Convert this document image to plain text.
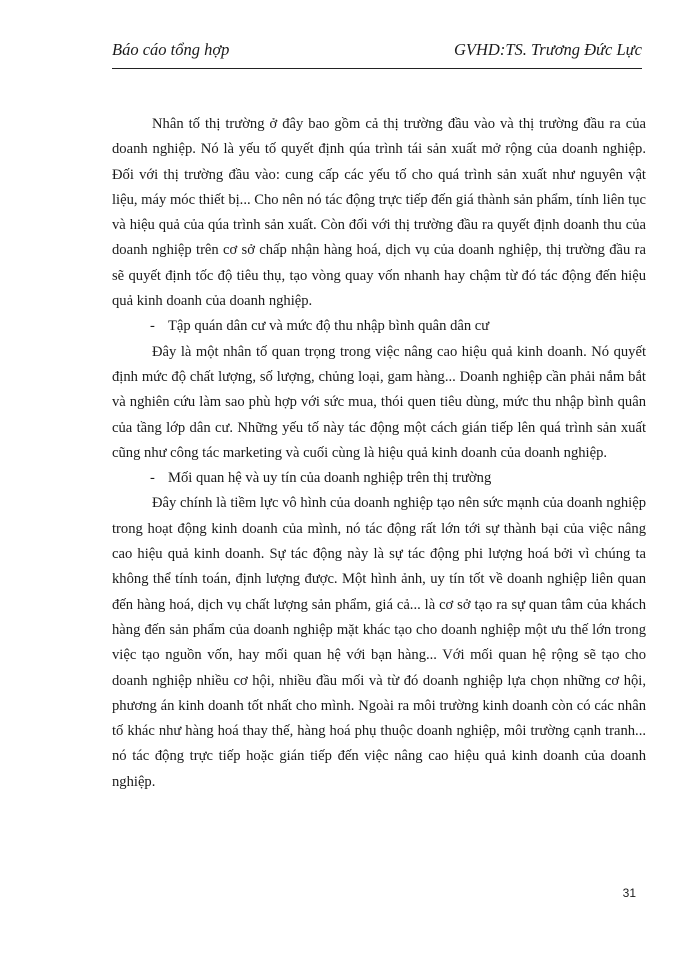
Báo cáo tổng hợp	GVHD:TS. Trương Đức Lực

Nhân tố thị trường ở đây bao gồm cả thị trường đầu vào và thị trường đầu ra của doanh nghiệp. Nó là yếu tố quyết định qúa trình tái sản xuất mở rộng của doanh nghiệp. Đối với thị trường đầu vào: cung cấp các yếu tố cho quá trình sản xuất như nguyên vật liệu, máy móc thiết bị... Cho nên nó tác động trực tiếp đến giá thành sản phẩm, tính liên tục và hiệu quả của qúa trình sản xuất. Còn đối với thị trường đầu ra quyết định doanh thu của doanh nghiệp trên cơ sở chấp nhận hàng hoá, dịch vụ của doanh nghiệp, thị trường đầu ra sẽ quyết định tốc độ tiêu thụ, tạo vòng quay vốn nhanh hay chậm từ đó tác động đến hiệu quả kinh doanh của doanh nghiệp.

- Tập quán dân cư và mức độ thu nhập bình quân dân cư

Đây là một nhân tố quan trọng trong việc nâng cao hiệu quả kinh doanh. Nó quyết định mức độ chất lượng, số lượng, chủng loại, gam hàng... Doanh nghiệp cần phải nắm bắt và nghiên cứu làm sao phù hợp với sức mua, thói quen tiêu dùng, mức thu nhập bình quân của tầng lớp dân cư. Những yếu tố này tác động một cách gián tiếp lên quá trình sản xuất cũng như công tác marketing và cuối cùng là hiệu quả kinh doanh của doanh nghiệp.

- Mối quan hệ và uy tín của doanh nghiệp trên thị trường

Đây chính là tiềm lực vô hình của doanh nghiệp tạo nên sức mạnh của doanh nghiệp trong hoạt động kinh doanh của mình, nó tác động rất lớn tới sự thành bại của việc nâng cao hiệu quả kinh doanh. Sự tác động này là sự tác động phi lượng hoá bởi vì chúng ta không thể tính toán, định lượng được. Một hình ảnh, uy tín tốt về doanh nghiệp liên quan đến hàng hoá, dịch vụ chất lượng sản phẩm, giá cả... là cơ sở tạo ra sự quan tâm của khách hàng đến sản phẩm của doanh nghiệp mặt khác tạo cho doanh nghiệp một ưu thế lớn trong việc tạo nguồn vốn, hay mối quan hệ với bạn hàng... Với mối quan hệ rộng sẽ tạo cho doanh nghiệp nhiều cơ hội, nhiều đầu mối và từ đó doanh nghiệp lựa chọn những cơ hội, phương án kinh doanh tốt nhất cho mình. Ngoài ra môi trường kinh doanh còn có các nhân tố khác như hàng hoá thay thế, hàng hoá phụ thuộc doanh nghiệp, môi trường cạnh tranh... nó tác động trực tiếp hoặc gián tiếp đến việc nâng cao hiệu quả kinh doanh của doanh nghiệp.

31
